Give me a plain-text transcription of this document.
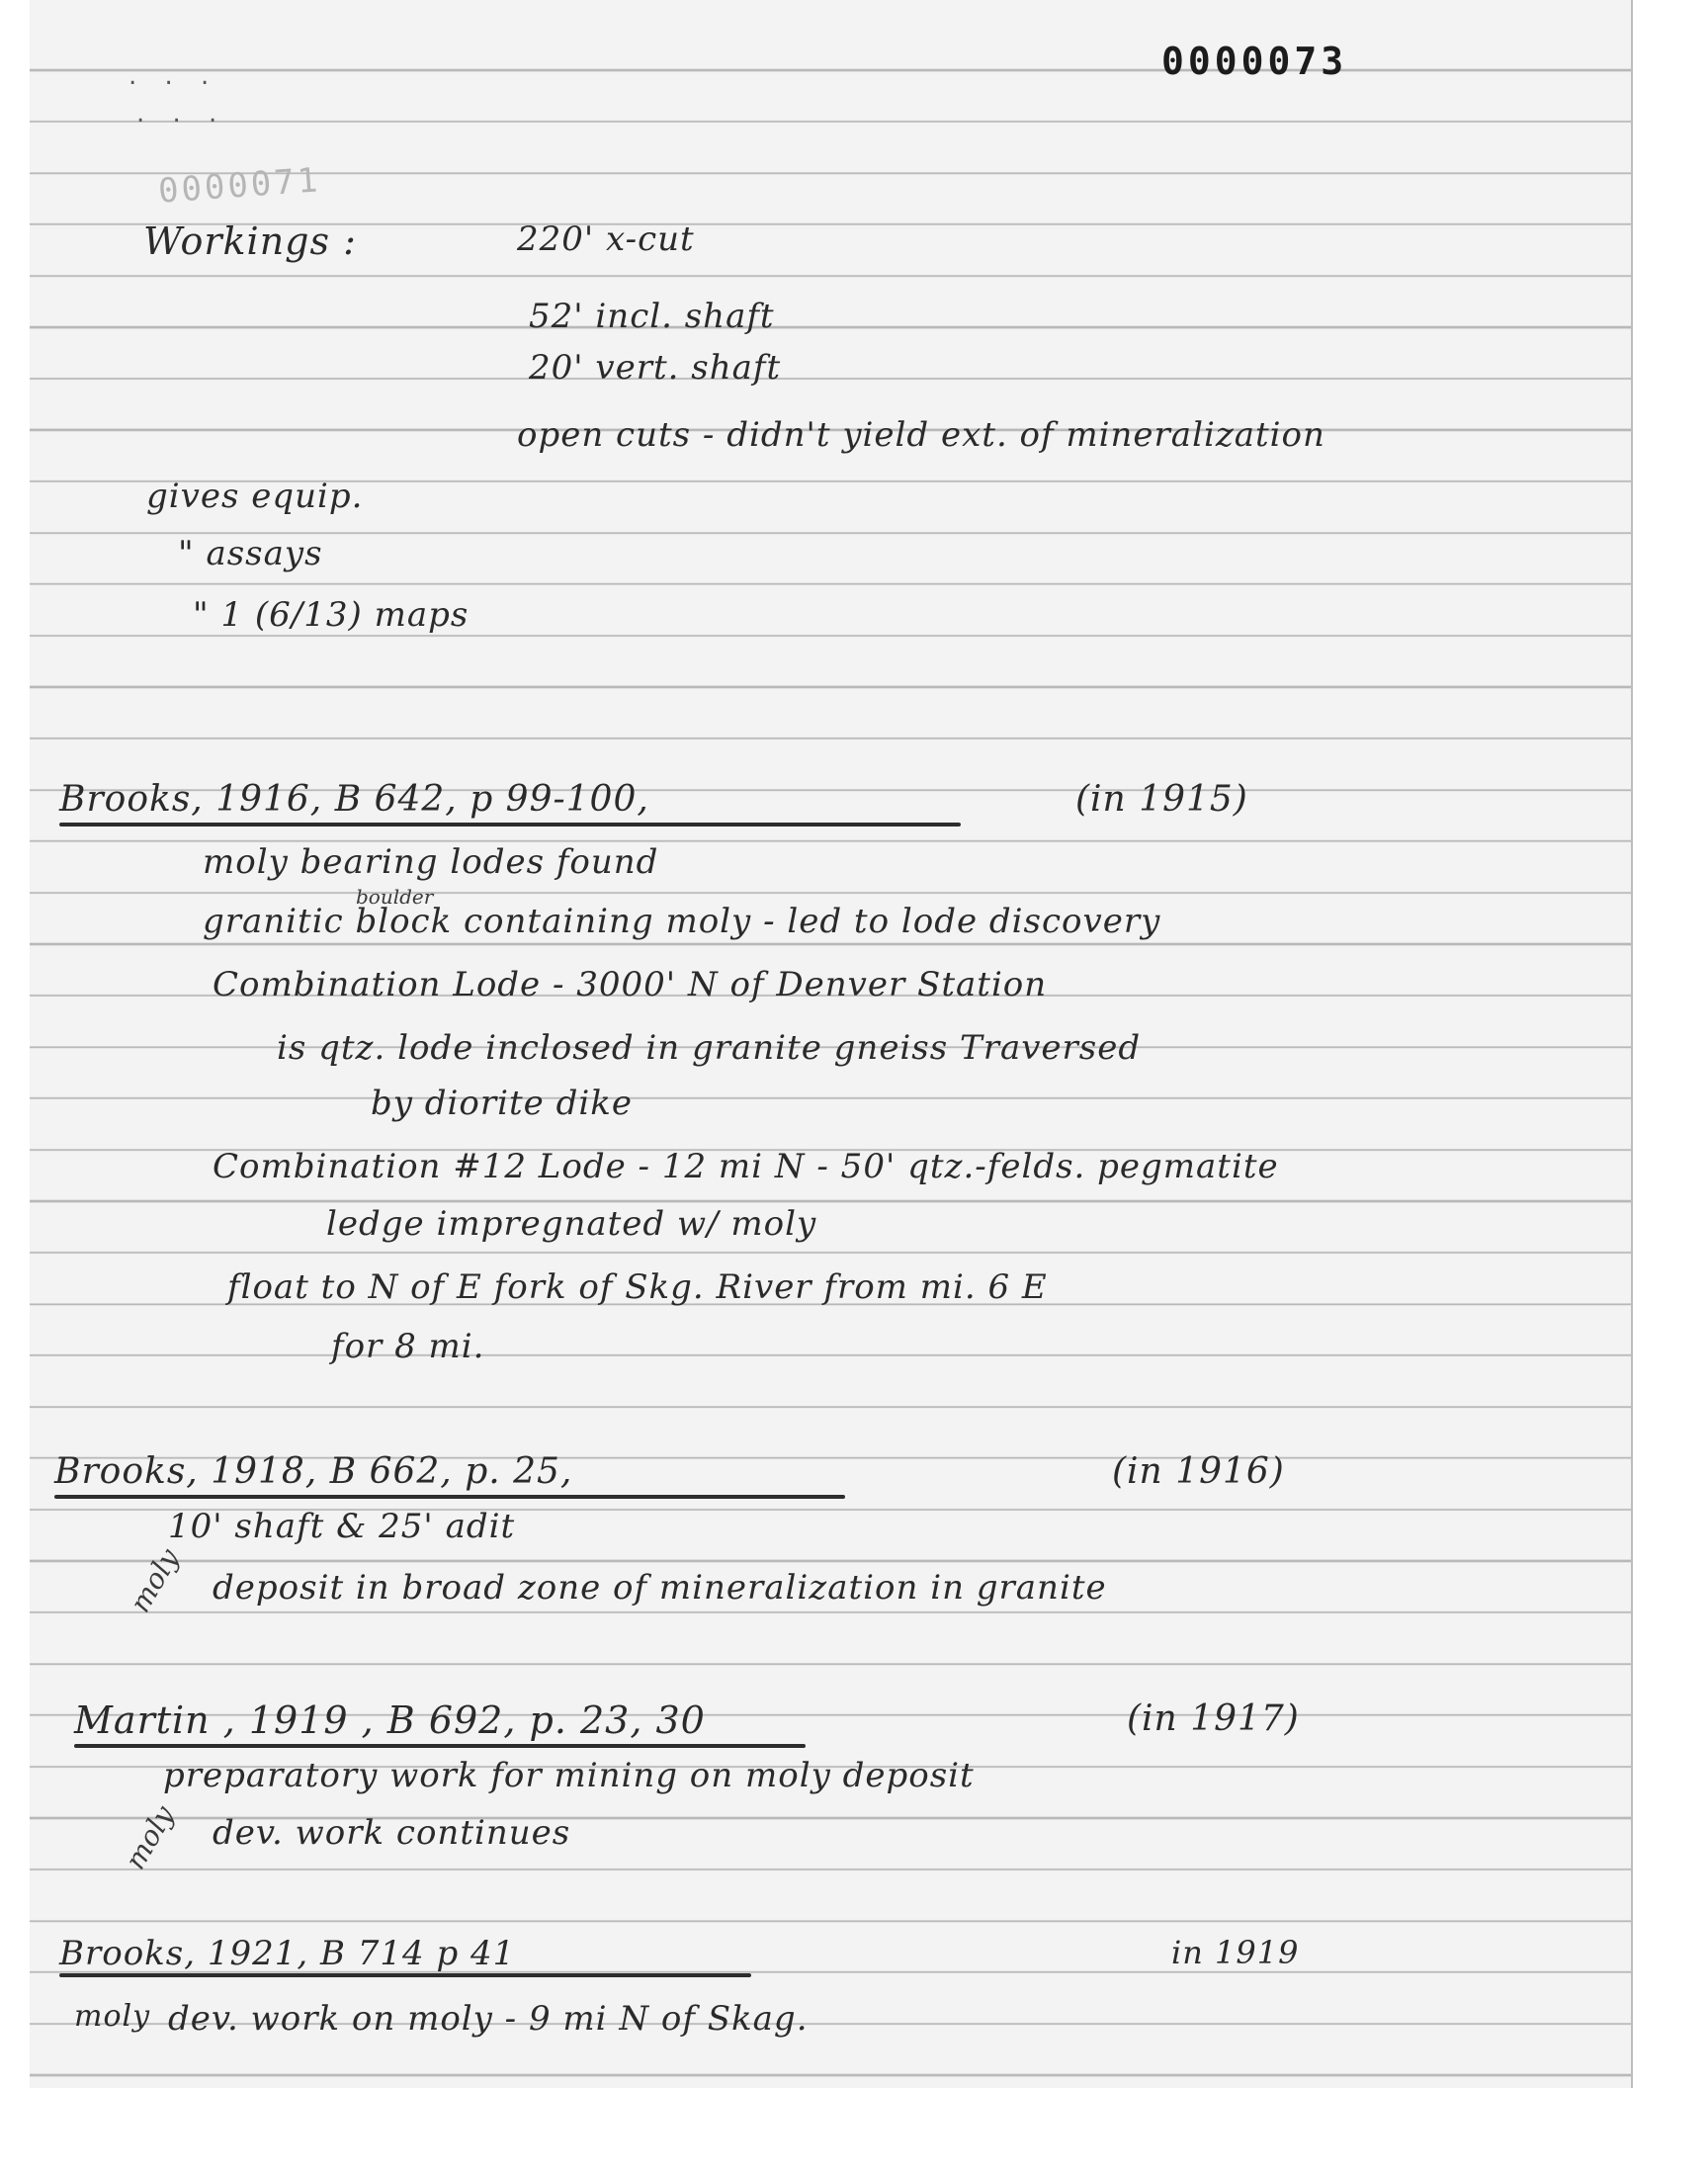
. . .
. . .
0000073
0000071
Workings :	220' x-cut
52' incl. shaft
20' vert. shaft
open cuts - didn't yield ext. of mineralization
gives equip.
" assays
" 1 (6/13) maps
Brooks, 1916, B 642, p 99-100,	(in 1915)
moly bearing lodes found
boulder
granitic block containing moly - led to lode discovery
Combination Lode - 3000' N of Denver Station
is qtz. lode inclosed in granite gneiss Traversed
by diorite dike
Combination #12 Lode - 12 mi N - 50' qtz.-felds. pegmatite
ledge impregnated w/ moly
float to N of E fork of Skg. River from mi. 6 E
for 8 mi.
Brooks, 1918, B 662, p. 25,	(in 1916)
moly
10' shaft & 25' adit
deposit in broad zone of mineralization in granite
Martin , 1919 , B 692, p. 23, 30	(in 1917)
moly
preparatory work for mining on moly deposit
dev. work continues
Brooks, 1921, B 714 p 41	in 1919
moly dev. work on moly - 9 mi N of Skag.
